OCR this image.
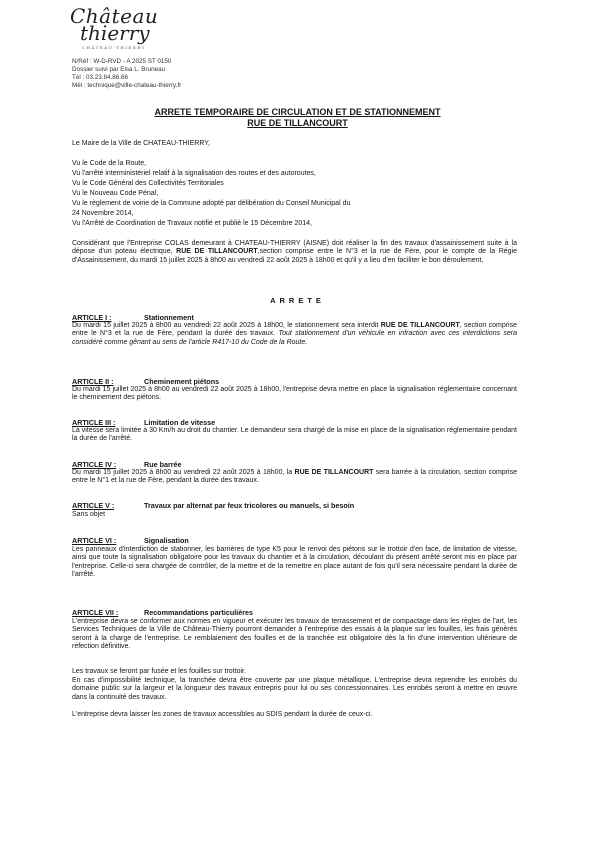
Château
thierry
CHÂTEAU-THIERRY
N/Réf : W-D-RVD - A 2025 ST 0150
Dossier suivi par Elsa L. Bruneau
Tél : 03.23.84.86.66
Mél : technique@ville-chateau-thierry.fr
ARRETE TEMPORAIRE DE CIRCULATION ET DE STATIONNEMENT
RUE DE TILLANCOURT
Le Maire de la Ville de CHATEAU-THIERRY,
Vu le Code de la Route,
Vu l'arrêté interministériel relatif à la signalisation des routes et des autoroutes,
Vu le Code Général des Collectivités Territoriales
Vu le Nouveau Code Pénal,
Vu le règlement de voirie de la Commune adopté par délibération du Conseil Municipal du
24 Novembre 2014,
Vu l'Arrêté de Coordination de Travaux notifié et publié le 15 Décembre 2014,
Considérant que l'Entreprise COLAS demeurant à CHATEAU-THIERRY (AISNE) doit réaliser la fin des travaux d'assainissement suite à la dépose d'un poteau électrique, RUE DE TILLANCOURT,section comprise entre le N°3 et la rue de Fère, pour le compte de la Régie d'Assainissement, du mardi 15 juillet 2025 à 8h00 au vendredi 22 août 2025 à 18h00 et qu'il y a lieu d'en faciliter le bon déroulement,
ARRETE
ARTICLE I :	Stationnement
Du mardi 15 juillet 2025 à 8h00 au vendredi 22 août 2025 à 18h00, le stationnement sera interdit RUE DE TILLANCOURT, section comprise entre le N°3 et la rue de Fère, pendant la durée des travaux. Tout stationnement d'un véhicule en infraction avec ces interdictions sera considéré comme gênant au sens de l'article R417-10 du Code de la Route.
ARTICLE II :	Cheminement piétons
Du mardi 15 juillet 2025 à 8h00 au vendredi 22 août 2025 à 18h00, l'entreprise devra mettre en place la signalisation réglementaire concernant le cheminement des piétons.
ARTICLE III :	Limitation de vitesse
La vitesse sera limitée à 30 Km/h au droit du chantier. Le demandeur sera chargé de la mise en place de la signalisation réglementaire pendant la durée de l'arrêté.
ARTICLE IV :	Rue barrée
Du mardi 15 juillet 2025 à 8h00 au vendredi 22 août 2025 à 18h00, la RUE DE TILLANCOURT sera barrée à la circulation, section comprise entre le N°1 et la rue de Fère, pendant la durée des travaux.
ARTICLE V :	Travaux par alternat par feux tricolores ou manuels, si besoin
Sans objet
ARTICLE VI :	Signalisation
Les panneaux d'interdiction de stationner, les barrières de type K5 pour le renvoi des piétons sur le trottoir d'en face, de limitation de vitesse, ainsi que toute la signalisation obligatoire pour les travaux du chantier et à la circulation, découlant du présent arrêté seront mis en place par l'entreprise. Celle-ci sera chargée de contrôler, de la mettre et de la remettre en place autant de fois qu'il sera nécessaire pendant la durée de l'arrêté.
ARTICLE VII :	Recommandations particulières
L'entreprise devra se conformer aux normes en vigueur et exécuter les travaux de terrassement et de compactage dans les règles de l'art, les Services Techniques de la Ville de Château-Thierry pourront demander à l'entreprise des essais à la plaque sur les fouilles, les frais générés seront à la charge de l'entreprise. Le remblaiement des fouilles et de la tranchée est obligatoire dès la fin d'une intervention ultérieure de réfection définitive.
Les travaux se feront par fusée et les fouilles sur trottoir.
En cas d'impossibilité technique, la tranchée devra être couverte par une plaque métallique. L'entreprise devra reprendre les enrobés du domaine public sur la largeur et la longueur des travaux entrepris pour lui ou ses concessionnaires. Les enrobés seront à mettre en œuvre dans la continuité des travaux.
L'entreprise devra laisser les zones de travaux accessibles au SDIS pendant la durée de ceux-ci.
